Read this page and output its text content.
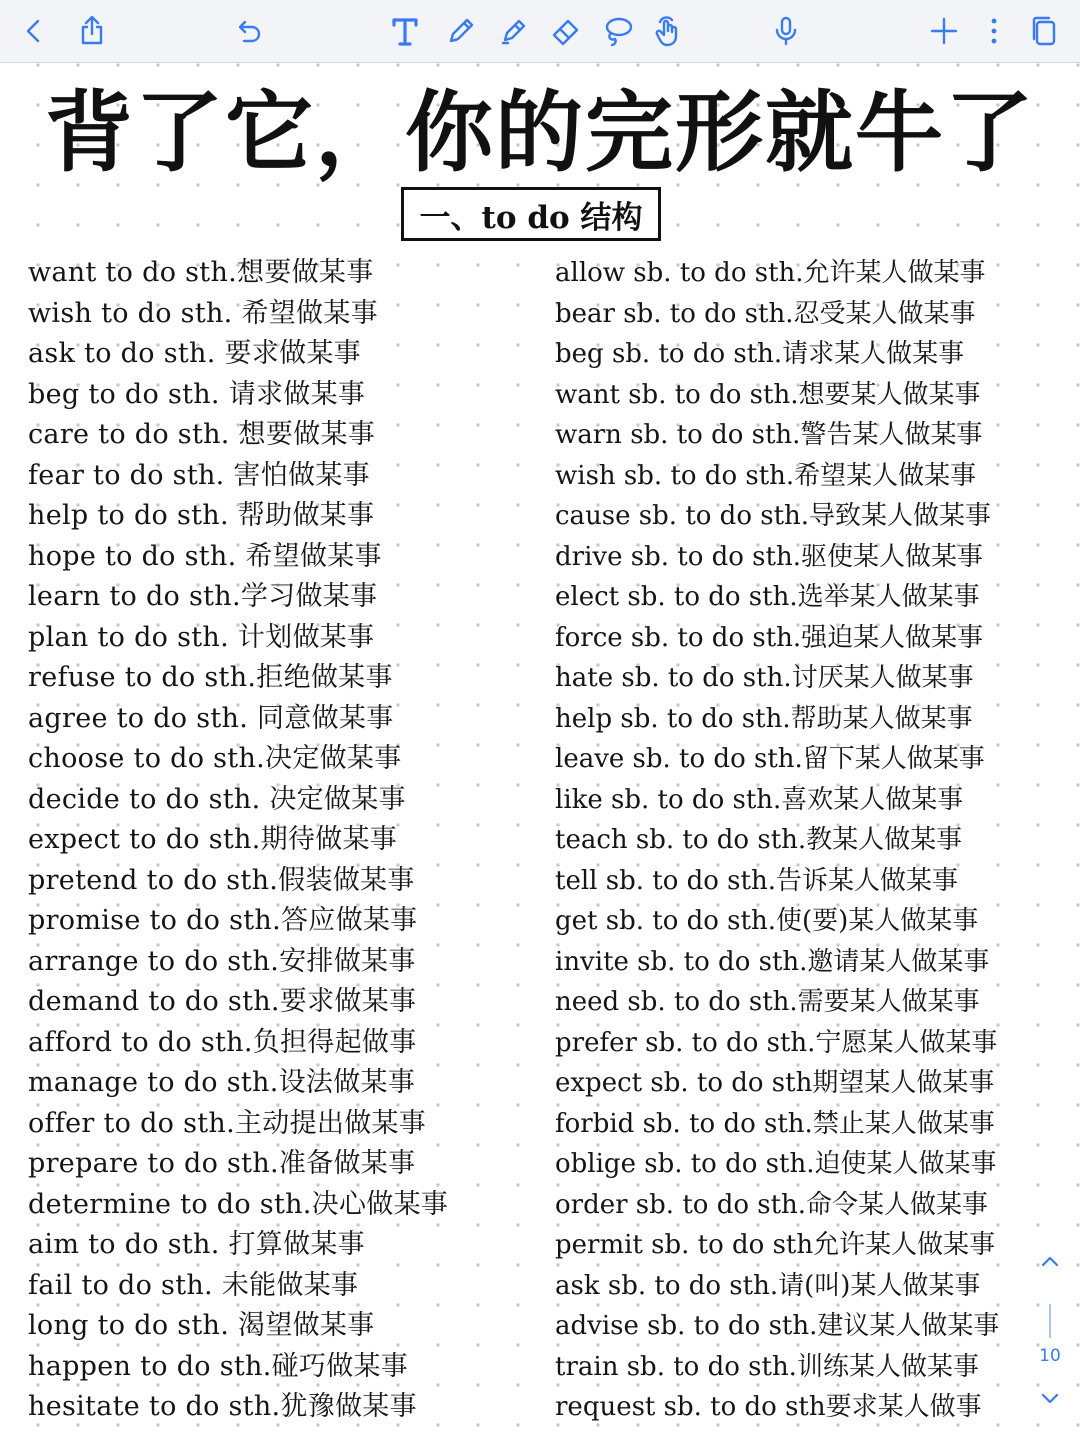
背了它，你的完形就牛了
一、to do 结构
want to do sth.想要做某事
wish to do sth. 希望做某事
ask to do sth. 要求做某事
beg to do sth. 请求做某事
care to do sth. 想要做某事
fear to do sth. 害怕做某事
help to do sth. 帮助做某事
hope to do sth. 希望做某事
learn to do sth.学习做某事
plan to do sth. 计划做某事
refuse to do sth.拒绝做某事
agree to do sth. 同意做某事
choose to do sth.决定做某事
decide to do sth. 决定做某事
expect to do sth.期待做某事
pretend to do sth.假装做某事
promise to do sth.答应做某事
arrange to do sth.安排做某事
demand to do sth.要求做某事
afford to do sth.负担得起做事
manage to do sth.设法做某事
offer to do sth.主动提出做某事
prepare to do sth.准备做某事
determine to do sth.决心做某事
aim to do sth. 打算做某事
fail to do sth. 未能做某事
long to do sth. 渴望做某事
happen to do sth.碰巧做某事
hesitate to do sth.犹豫做某事
allow sb. to do sth.允许某人做某事
bear sb. to do sth.忍受某人做某事
beg sb. to do sth.请求某人做某事
want sb. to do sth.想要某人做某事
warn sb. to do sth.警告某人做某事
wish sb. to do sth.希望某人做某事
cause sb. to do sth.导致某人做某事
drive sb. to do sth.驱使某人做某事
elect sb. to do sth.选举某人做某事
force sb. to do sth.强迫某人做某事
hate sb. to do sth.讨厌某人做某事
help sb. to do sth.帮助某人做某事
leave sb. to do sth.留下某人做某事
like sb. to do sth.喜欢某人做某事
teach sb. to do sth.教某人做某事
tell sb. to do sth.告诉某人做某事
get sb. to do sth.使(要)某人做某事
invite sb. to do sth.邀请某人做某事
need sb. to do sth.需要某人做某事
prefer sb. to do sth.宁愿某人做某事
expect sb. to do sth期望某人做某事
forbid sb. to do sth.禁止某人做某事
oblige sb. to do sth.迫使某人做某事
order sb. to do sth.命令某人做某事
permit sb. to do sth允许某人做某事
ask sb. to do sth.请(叫)某人做某事
advise sb. to do sth.建议某人做某事
train sb. to do sth.训练某人做某事
request sb. to do sth要求某人做事
10
